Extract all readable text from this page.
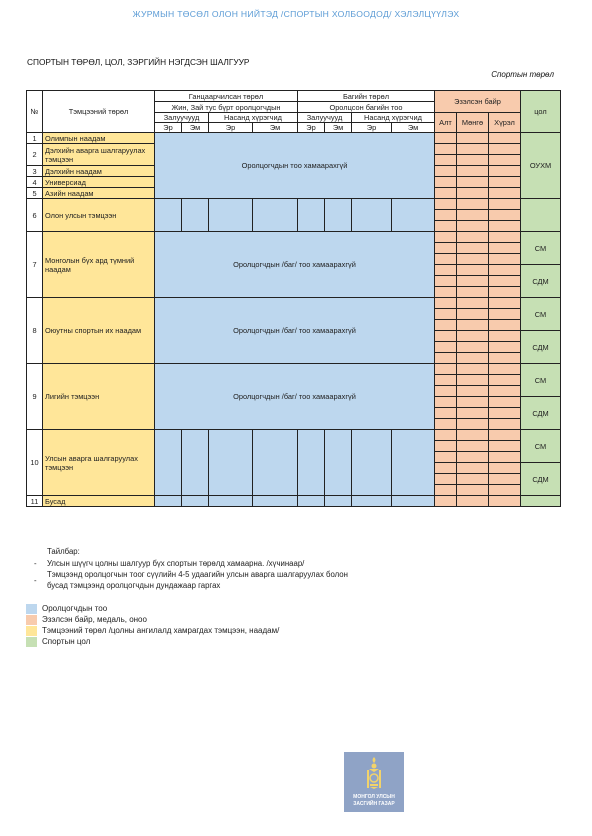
ЖУРМЫН ТӨСӨЛ ОЛОН НИЙТЭД /СПОРТЫН ХОЛБООДОД/ ХЭЛЭЛЦҮҮЛЭХ
СПОРТЫН ТӨРӨЛ, ЦОЛ, ЗЭРГИЙН НЭГДСЭН ШАЛГУУР
Спортын төрөл
№	Тэмцээний төрөл	Ганцаарчилсан төрөл				Багийн төрөл				Эзэлсэн байр			цол
		Жин, Зай тус бүрт оролцогчдын				Оролцсон багийн тоо							
		Залуучууд		Насанд хүрэгчид		Залуучууд		Насанд хүрэгчид		Алт	Мөнгө	Хүрэл	
		Эр	Эм	Эр	Эм	Эр	Эм	Эр	Эм				
1	Олимпын наадам	Оролцогчдын тоо хамаарахгүй											ОУХМ
2	Дэлхийн аварга шалгаруулах тэмцээн												

3	Дэлхийн наадам												
4	Универсиад												
5	Азийн наадам												
6	Олон улсын тэмцээн												

7	Монголын бүх ард түмний наадам	Оролцогчдын /баг/ тоо хамаарахгүй											СМ

													СДМ

8	Оюутны спортын их наадам	Оролцогчдын /баг/ тоо хамаарахгүй											СМ

													СДМ

9	Лигийн тэмцээн	Оролцогчдын /баг/ тоо хамаарахгүй											СМ

													СДМ

10	Улсын аварга шалгаруулах тэмцээн												СМ

													СДМ

11	Бусад												
Тайлбар:
- Улсын шүүгч цолны шалгуур бүх спортын төрөлд хамаарна. /хүчинаар/
-
Тэмцээнд оролцогчын тоог сүүлийн 4-5 удаагийн улсын аварга шалгаруулах болон
бусад тэмцээнд оролцогчдын дундажаар гаргах
Оролцогчдын тоо
Эзэлсэн байр, медаль, оноо
Тэмцээний төрөл /цолны ангилалд хамрагдах тэмцээн, наадам/
Спортын цол
МОНГОЛ УЛСЫН
ЗАСГИЙН ГАЗАР
